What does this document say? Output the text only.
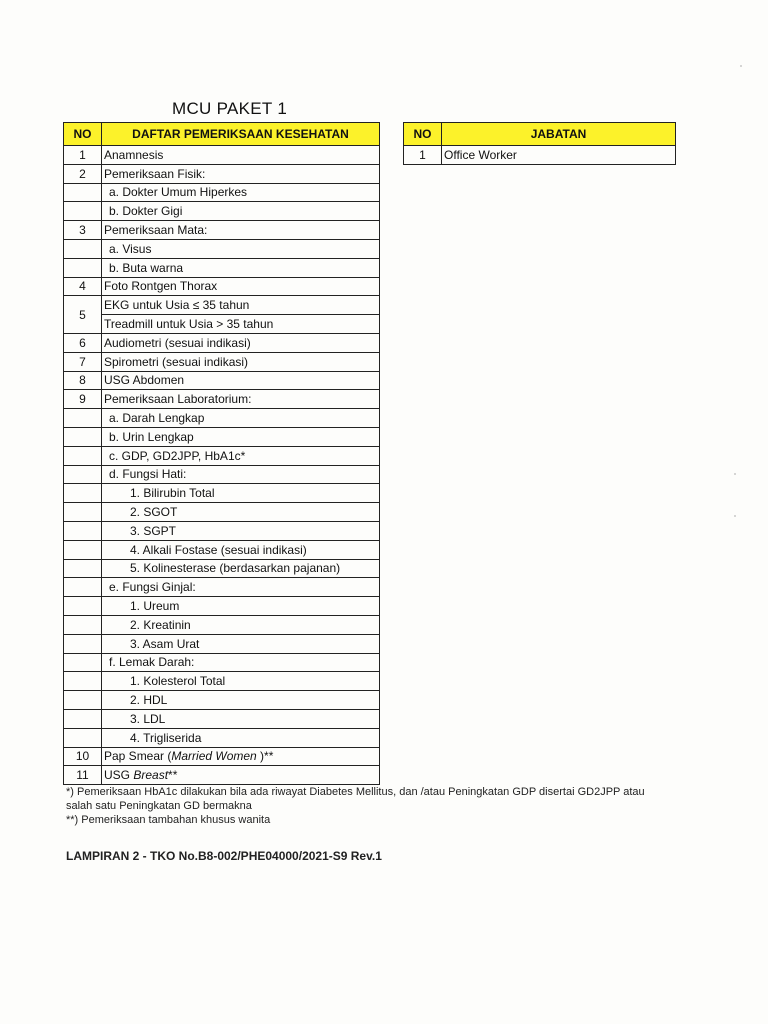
MCU PAKET 1
NO	DAFTAR PEMERIKSAAN KESEHATAN
1	Anamnesis
2	Pemeriksaan Fisik:
	a. Dokter Umum Hiperkes
	b. Dokter Gigi
3	Pemeriksaan Mata:
	a. Visus
	b. Buta warna
4	Foto Rontgen Thorax
5	EKG untuk Usia ≤ 35 tahun
	Treadmill untuk Usia > 35 tahun
6	Audiometri (sesuai indikasi)
7	Spirometri (sesuai indikasi)
8	USG Abdomen
9	Pemeriksaan Laboratorium:
	a. Darah Lengkap
	b. Urin Lengkap
	c. GDP, GD2JPP, HbA1c*
	d. Fungsi Hati:
	1. Bilirubin Total
	2. SGOT
	3. SGPT
	4. Alkali Fostase (sesuai indikasi)
	5. Kolinesterase (berdasarkan pajanan)
	e. Fungsi Ginjal:
	1. Ureum
	2. Kreatinin
	3. Asam Urat
	f. Lemak Darah:
	1. Kolesterol Total
	2. HDL
	3. LDL
	4. Trigliserida
10	Pap Smear (Married Women )**
11	USG Breast**
NO	JABATAN
1	Office Worker
*) Pemeriksaan HbA1c dilakukan bila ada riwayat Diabetes Mellitus, dan /atau Peningkatan GDP disertai GD2JPP atau salah satu Peningkatan GD bermakna
**) Pemeriksaan tambahan khusus wanita
LAMPIRAN 2 - TKO No.B8-002/PHE04000/2021-S9 Rev.1
